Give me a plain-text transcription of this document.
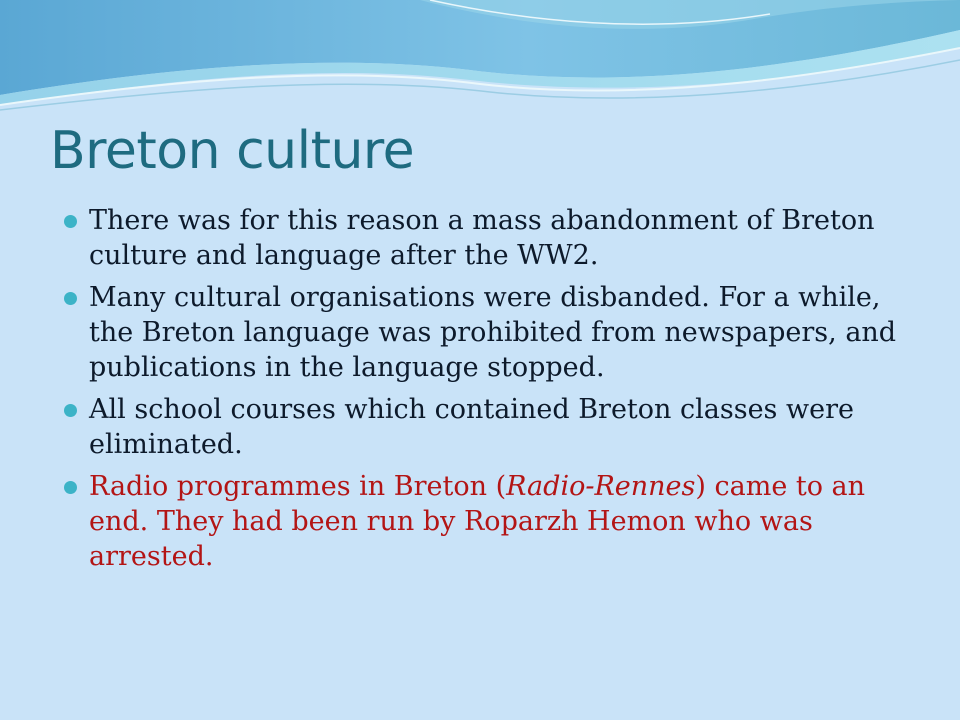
Breton culture
There was for this reason a mass abandonment of Breton culture and language after the WW2.
Many cultural organisations were disbanded. For a while, the Breton language was prohibited from newspapers, and publications in the language stopped.
All school courses which contained Breton classes were eliminated.
Radio programmes in Breton (Radio-Rennes) came to an end. They had been run by Roparzh Hemon who was arrested.
